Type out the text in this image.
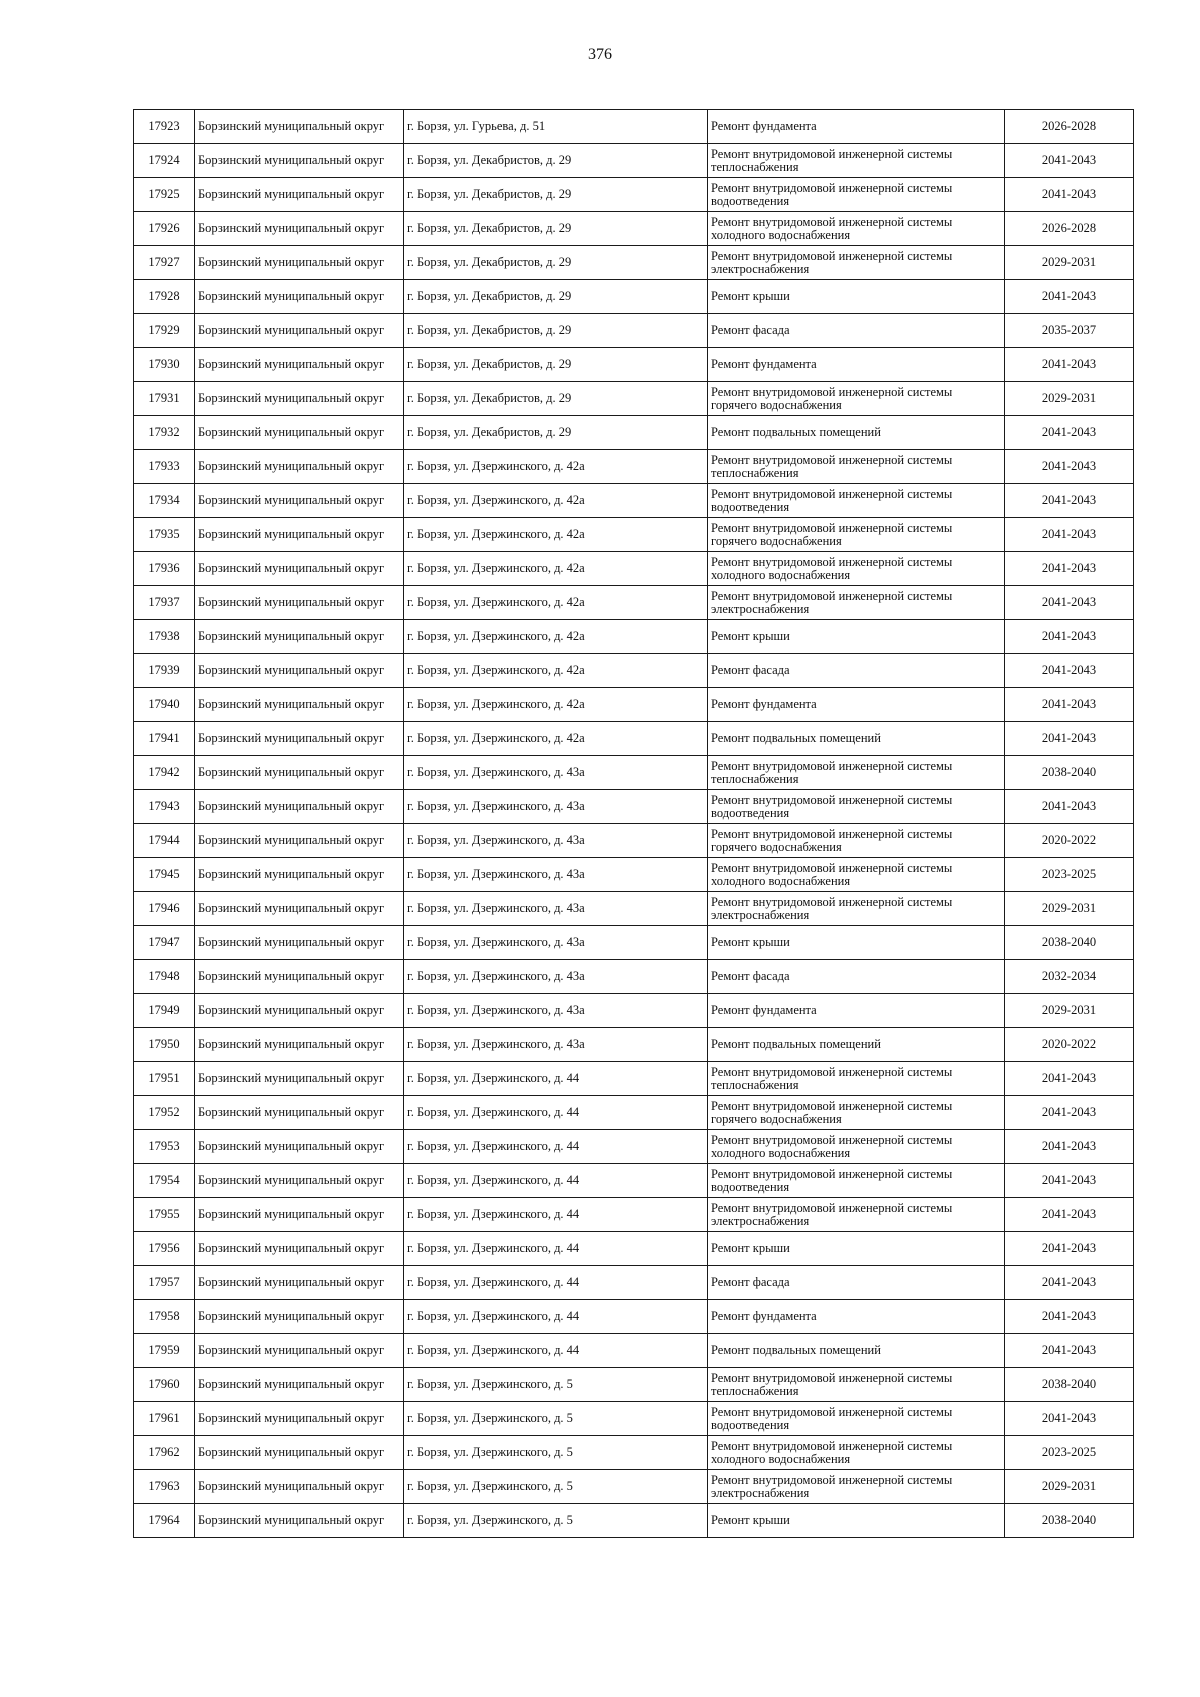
376
17923	Борзинский муниципальный округ	г. Борзя, ул. Гурьева, д. 51	Ремонт фундамента	2026-2028
17924	Борзинский муниципальный округ	г. Борзя, ул. Декабристов, д. 29	Ремонт внутридомовой инженерной системы теплоснабжения	2041-2043
17925	Борзинский муниципальный округ	г. Борзя, ул. Декабристов, д. 29	Ремонт внутридомовой инженерной системы водоотведения	2041-2043
17926	Борзинский муниципальный округ	г. Борзя, ул. Декабристов, д. 29	Ремонт внутридомовой инженерной системы холодного водоснабжения	2026-2028
17927	Борзинский муниципальный округ	г. Борзя, ул. Декабристов, д. 29	Ремонт внутридомовой инженерной системы электроснабжения	2029-2031
17928	Борзинский муниципальный округ	г. Борзя, ул. Декабристов, д. 29	Ремонт крыши	2041-2043
17929	Борзинский муниципальный округ	г. Борзя, ул. Декабристов, д. 29	Ремонт фасада	2035-2037
17930	Борзинский муниципальный округ	г. Борзя, ул. Декабристов, д. 29	Ремонт фундамента	2041-2043
17931	Борзинский муниципальный округ	г. Борзя, ул. Декабристов, д. 29	Ремонт внутридомовой инженерной системы горячего водоснабжения	2029-2031
17932	Борзинский муниципальный округ	г. Борзя, ул. Декабристов, д. 29	Ремонт подвальных помещений	2041-2043
17933	Борзинский муниципальный округ	г. Борзя, ул. Дзержинского, д. 42а	Ремонт внутридомовой инженерной системы теплоснабжения	2041-2043
17934	Борзинский муниципальный округ	г. Борзя, ул. Дзержинского, д. 42а	Ремонт внутридомовой инженерной системы водоотведения	2041-2043
17935	Борзинский муниципальный округ	г. Борзя, ул. Дзержинского, д. 42а	Ремонт внутридомовой инженерной системы горячего водоснабжения	2041-2043
17936	Борзинский муниципальный округ	г. Борзя, ул. Дзержинского, д. 42а	Ремонт внутридомовой инженерной системы холодного водоснабжения	2041-2043
17937	Борзинский муниципальный округ	г. Борзя, ул. Дзержинского, д. 42а	Ремонт внутридомовой инженерной системы электроснабжения	2041-2043
17938	Борзинский муниципальный округ	г. Борзя, ул. Дзержинского, д. 42а	Ремонт крыши	2041-2043
17939	Борзинский муниципальный округ	г. Борзя, ул. Дзержинского, д. 42а	Ремонт фасада	2041-2043
17940	Борзинский муниципальный округ	г. Борзя, ул. Дзержинского, д. 42а	Ремонт фундамента	2041-2043
17941	Борзинский муниципальный округ	г. Борзя, ул. Дзержинского, д. 42а	Ремонт подвальных помещений	2041-2043
17942	Борзинский муниципальный округ	г. Борзя, ул. Дзержинского, д. 43а	Ремонт внутридомовой инженерной системы теплоснабжения	2038-2040
17943	Борзинский муниципальный округ	г. Борзя, ул. Дзержинского, д. 43а	Ремонт внутридомовой инженерной системы водоотведения	2041-2043
17944	Борзинский муниципальный округ	г. Борзя, ул. Дзержинского, д. 43а	Ремонт внутридомовой инженерной системы горячего водоснабжения	2020-2022
17945	Борзинский муниципальный округ	г. Борзя, ул. Дзержинского, д. 43а	Ремонт внутридомовой инженерной системы холодного водоснабжения	2023-2025
17946	Борзинский муниципальный округ	г. Борзя, ул. Дзержинского, д. 43а	Ремонт внутридомовой инженерной системы электроснабжения	2029-2031
17947	Борзинский муниципальный округ	г. Борзя, ул. Дзержинского, д. 43а	Ремонт крыши	2038-2040
17948	Борзинский муниципальный округ	г. Борзя, ул. Дзержинского, д. 43а	Ремонт фасада	2032-2034
17949	Борзинский муниципальный округ	г. Борзя, ул. Дзержинского, д. 43а	Ремонт фундамента	2029-2031
17950	Борзинский муниципальный округ	г. Борзя, ул. Дзержинского, д. 43а	Ремонт подвальных помещений	2020-2022
17951	Борзинский муниципальный округ	г. Борзя, ул. Дзержинского, д. 44	Ремонт внутридомовой инженерной системы теплоснабжения	2041-2043
17952	Борзинский муниципальный округ	г. Борзя, ул. Дзержинского, д. 44	Ремонт внутридомовой инженерной системы горячего водоснабжения	2041-2043
17953	Борзинский муниципальный округ	г. Борзя, ул. Дзержинского, д. 44	Ремонт внутридомовой инженерной системы холодного водоснабжения	2041-2043
17954	Борзинский муниципальный округ	г. Борзя, ул. Дзержинского, д. 44	Ремонт внутридомовой инженерной системы водоотведения	2041-2043
17955	Борзинский муниципальный округ	г. Борзя, ул. Дзержинского, д. 44	Ремонт внутридомовой инженерной системы электроснабжения	2041-2043
17956	Борзинский муниципальный округ	г. Борзя, ул. Дзержинского, д. 44	Ремонт крыши	2041-2043
17957	Борзинский муниципальный округ	г. Борзя, ул. Дзержинского, д. 44	Ремонт фасада	2041-2043
17958	Борзинский муниципальный округ	г. Борзя, ул. Дзержинского, д. 44	Ремонт фундамента	2041-2043
17959	Борзинский муниципальный округ	г. Борзя, ул. Дзержинского, д. 44	Ремонт подвальных помещений	2041-2043
17960	Борзинский муниципальный округ	г. Борзя, ул. Дзержинского, д. 5	Ремонт внутридомовой инженерной системы теплоснабжения	2038-2040
17961	Борзинский муниципальный округ	г. Борзя, ул. Дзержинского, д. 5	Ремонт внутридомовой инженерной системы водоотведения	2041-2043
17962	Борзинский муниципальный округ	г. Борзя, ул. Дзержинского, д. 5	Ремонт внутридомовой инженерной системы холодного водоснабжения	2023-2025
17963	Борзинский муниципальный округ	г. Борзя, ул. Дзержинского, д. 5	Ремонт внутридомовой инженерной системы электроснабжения	2029-2031
17964	Борзинский муниципальный округ	г. Борзя, ул. Дзержинского, д. 5	Ремонт крыши	2038-2040
